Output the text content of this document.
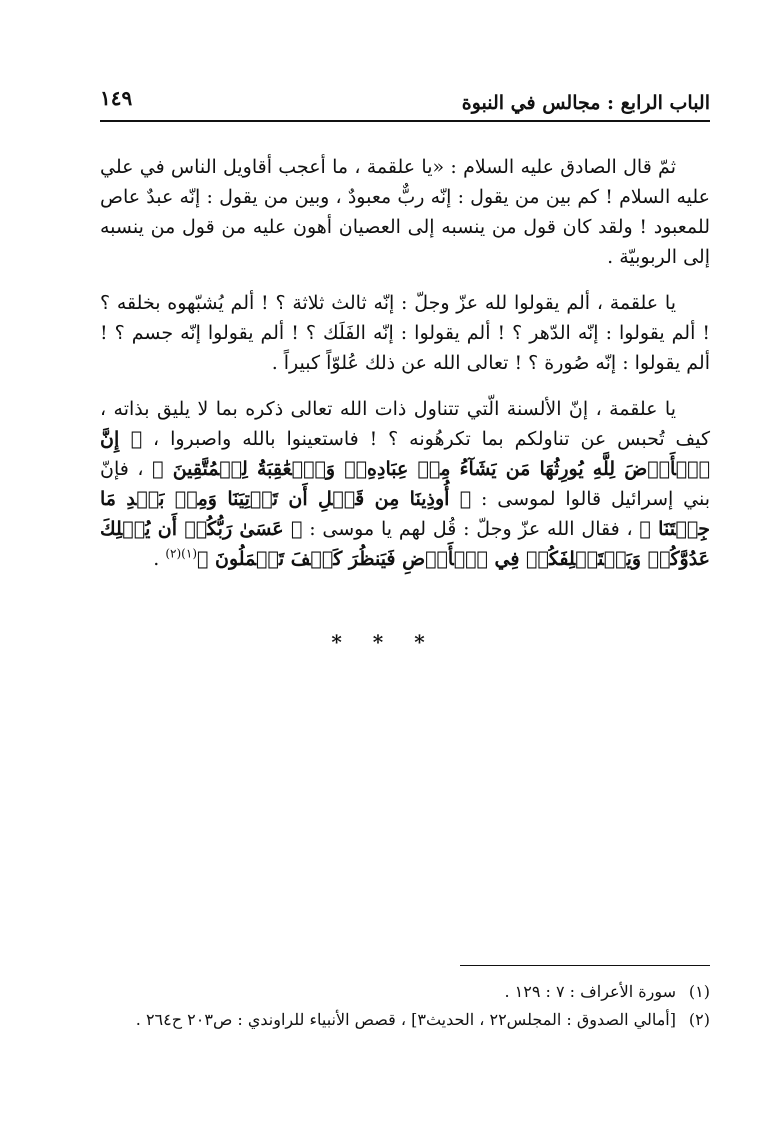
الباب الرابع : مجالس في النبوة
١٤٩

ثمّ قال الصادق عليه السلام : «يا علقمة ، ما أعجب أقاويل الناس في علي عليه السلام ! كم بين من يقول : إنّه ربٌّ معبودٌ ، وبين من يقول : إنّه عبدٌ عاص للمعبود ! ولقد كان قول من ينسبه إلى العصيان أهون عليه من قول من ينسبه إلى الربوبيّة .

يا علقمة ، ألم يقولوا لله عزّ وجلّ : إنّه ثالث ثلاثة ؟ ! ألم يُشبّهوه بخلقه ؟ ! ألم يقولوا : إنّه الدّهر ؟ ! ألم يقولوا : إنّه الفَلَك ؟ ! ألم يقولوا إنّه جسم ؟ ! ألم يقولوا : إنّه صُورة ؟ ! تعالى الله عن ذلك عُلوّاً كبيراً .

يا علقمة ، إنّ الألسنة الّتي تتناول ذات الله تعالى ذكره بما لا يليق بذاته ، كيف تُحبس عن تناولكم بما تكرهُونه ؟ ! فاستعينوا بالله واصبروا ، ﴿ إِنَّ ٱلۡأَرۡضَ لِلَّهِ يُورِثُهَا مَن يَشَآءُ مِنۡ عِبَادِهِۦۖ وَٱلۡعَٰقِبَةُ لِلۡمُتَّقِينَ ﴾ ، فإنّ بني إسرائيل قالوا لموسى : ﴿ أُوذِينَا مِن قَبۡلِ أَن تَأۡتِيَنَا وَمِنۢ بَعۡدِ مَا جِئۡتَنَا ﴾ ، فقال الله عزّ وجلّ : قُل لهم يا موسى : ﴿ عَسَىٰ رَبُّكُمۡ أَن يُهۡلِكَ عَدُوَّكُمۡ وَيَسۡتَخۡلِفَكُمۡ فِي ٱلۡأَرۡضِ فَيَنظُرَ كَيۡفَ تَعۡمَلُونَ ﴾$^{(١)(٢)}$ .

* * *

(١)سورة الأعراف : ٧ : ١٢٩ .

(٢)[أمالي الصدوق : المجلس٢٢ ، الحديث٣] ، قصص الأنبياء للراوندي : ص٢٠٣ ح٢٦٤ .
